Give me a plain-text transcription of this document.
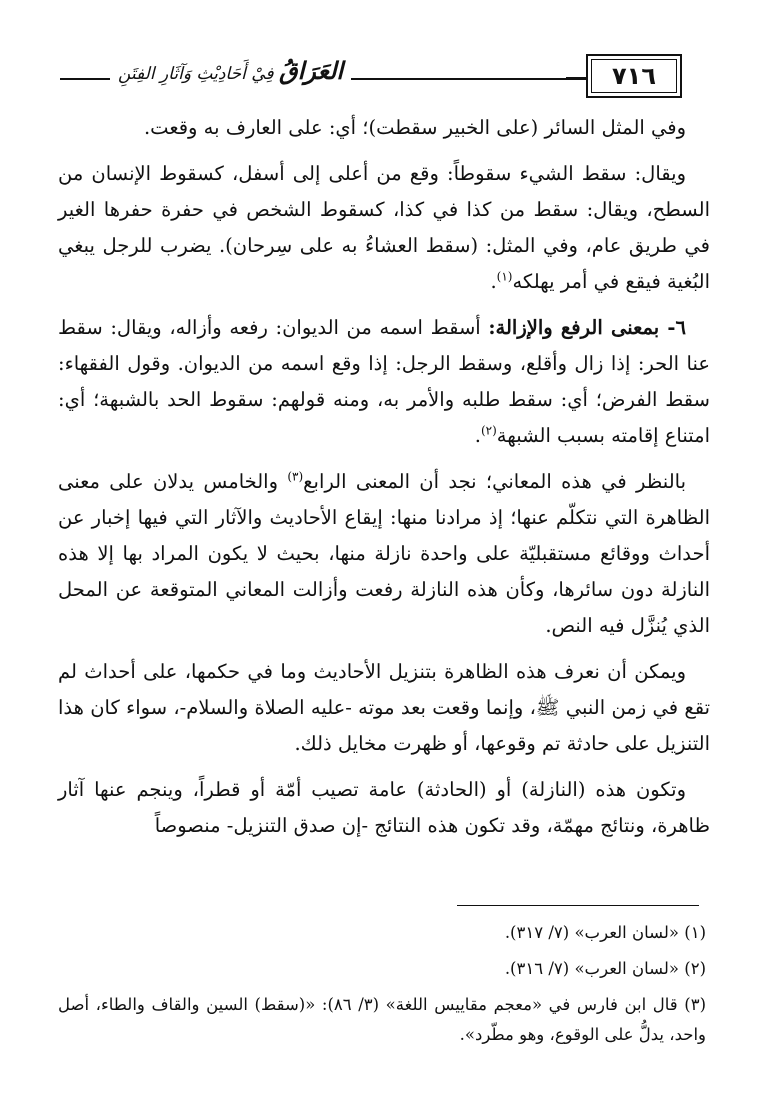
العَرَاقُ فِيْ أَحَادِيْثِ وَآثَارِ الفِتَنِ	٧١٦

وفي المثل السائر (على الخبير سقطت)؛ أي: على العارف به وقعت.

ويقال: سقط الشيء سقوطاً: وقع من أعلى إلى أسفل، كسقوط الإنسان من السطح، ويقال: سقط من كذا في كذا، كسقوط الشخص في حفرة حفرها الغير في طريق عام، وفي المثل: (سقط العشاءُ به على سِرحان). يضرب للرجل يبغي البُغية فيقع في أمر يهلكه$^{(١)}$.

٦- بمعنى الرفع والإزالة: أسقط اسمه من الديوان: رفعه وأزاله، ويقال: سقط عنا الحر: إذا زال وأقلع، وسقط الرجل: إذا وقع اسمه من الديوان. وقول الفقهاء: سقط الفرض؛ أي: سقط طلبه والأمر به، ومنه قولهم: سقوط الحد بالشبهة؛ أي: امتناع إقامته بسبب الشبهة$^{(٢)}$.

بالنظر في هذه المعاني؛ نجد أن المعنى الرابع$^{(٣)}$ والخامس يدلان على معنى الظاهرة التي نتكلّم عنها؛ إذ مرادنا منها: إيقاع الأحاديث والآثار التي فيها إخبار عن أحداث ووقائع مستقبليّة على واحدة نازلة منها، بحيث لا يكون المراد بها إلا هذه النازلة دون سائرها، وكأن هذه النازلة رفعت وأزالت المعاني المتوقعة عن المحل الذي يُنزَّل فيه النص.

ويمكن أن نعرف هذه الظاهرة بتنزيل الأحاديث وما في حكمها، على أحداث لم تقع في زمن النبي ﷺ، وإنما وقعت بعد موته -عليه الصلاة والسلام-، سواء كان هذا التنزيل على حادثة تم وقوعها، أو ظهرت مخايل ذلك.

وتكون هذه (النازلة) أو (الحادثة) عامة تصيب أمّة أو قطراً، وينجم عنها آثار ظاهرة، ونتائج مهمّة، وقد تكون هذه النتائج -إن صدق التنزيل- منصوصاً

(١) «لسان العرب» (٧/ ٣١٧).
(٢) «لسان العرب» (٧/ ٣١٦).
(٣) قال ابن فارس في «معجم مقاييس اللغة» (٣/ ٨٦): «(سقط) السين والقاف والطاء، أصل واحد، يدلُّ على الوقوع، وهو مطّرد».
